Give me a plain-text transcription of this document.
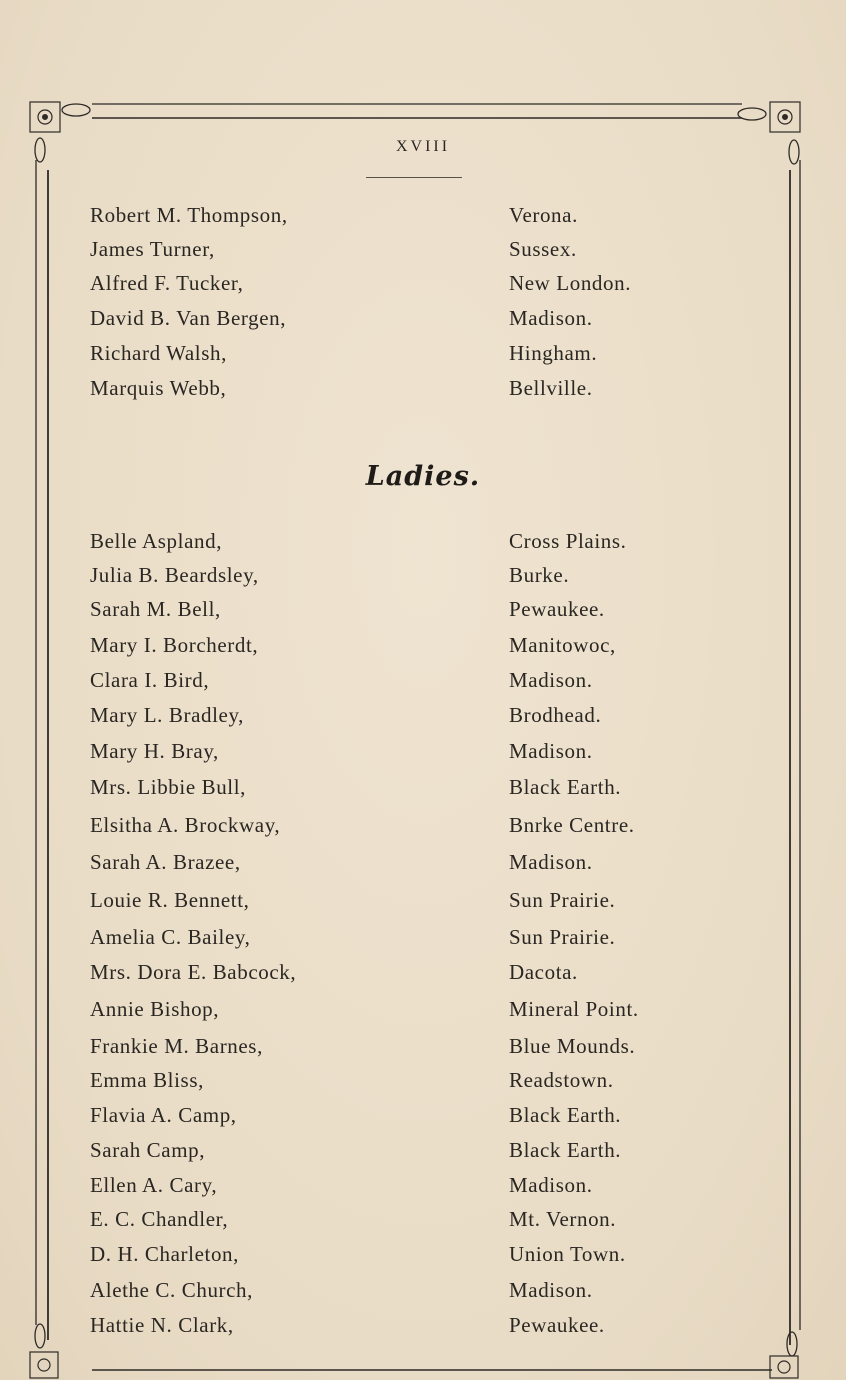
XVIII
Robert M. Thompson,	Verona.
James Turner,	Sussex.
Alfred F. Tucker,	New London.
David B. Van Bergen,	Madison.
Richard Walsh,	Hingham.
Marquis Webb,	Bellville.
Ladies.
Belle Aspland,	Cross Plains.
Julia B. Beardsley,	Burke.
Sarah M. Bell,	Pewaukee.
Mary I. Borcherdt,	Manitowoc,
Clara I. Bird,	Madison.
Mary L. Bradley,	Brodhead.
Mary H. Bray,	Madison.
Mrs. Libbie Bull,	Black Earth.
Elsitha A. Brockway,	Bnrke Centre.
Sarah A. Brazee,	Madison.
Louie R. Bennett,	Sun Prairie.
Amelia C. Bailey,	Sun Prairie.
Mrs. Dora E. Babcock,	Dacota.
Annie Bishop,	Mineral Point.
Frankie M. Barnes,	Blue Mounds.
Emma Bliss,	Readstown.
Flavia A. Camp,	Black Earth.
Sarah Camp,	Black Earth.
Ellen A. Cary,	Madison.
E. C. Chandler,	Mt. Vernon.
D. H. Charleton,	Union Town.
Alethe C. Church,	Madison.
Hattie N. Clark,	Pewaukee.
